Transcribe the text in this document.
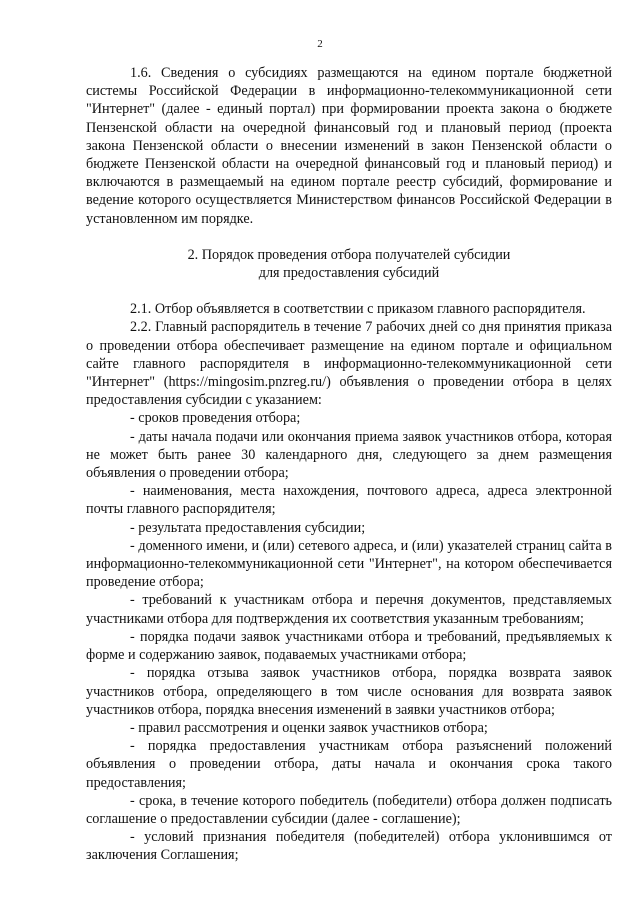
2

1.6. Сведения о субсидиях размещаются на едином портале бюджетной системы Российской Федерации в информационно-телекоммуникационной сети "Интернет" (далее - единый портал) при формировании проекта закона о бюджете Пензенской области на очередной финансовый год и плановый период (проекта закона Пензенской области о внесении изменений в закон Пензенской области о бюджете Пензенской области на очередной финансовый год и плановый период) и включаются в размещаемый на едином портале реестр субсидий, формирование и ведение которого осуществляется Министерством финансов Российской Федерации в установленном им порядке.

2. Порядок проведения отбора получателей субсидии
для предоставления субсидий

2.1. Отбор объявляется в соответствии с приказом главного распорядителя.

2.2. Главный распорядитель в течение 7 рабочих дней со дня принятия приказа о проведении отбора обеспечивает размещение на едином портале и официальном сайте главного распорядителя в информационно-телекоммуникационной сети "Интернет" (https://mingosim.pnzreg.ru/) объявления о проведении отбора в целях предоставления субсидии с указанием:

- сроков проведения отбора;

- даты начала подачи или окончания приема заявок участников отбора, которая не может быть ранее 30 календарного дня, следующего за днем размещения объявления о проведении отбора;

- наименования, места нахождения, почтового адреса, адреса электронной почты главного распорядителя;

- результата предоставления субсидии;

- доменного имени, и (или) сетевого адреса, и (или) указателей страниц сайта в информационно-телекоммуникационной сети "Интернет", на котором обеспечивается проведение отбора;

- требований к участникам отбора и перечня документов, представляемых участниками отбора для подтверждения их соответствия указанным требованиям;

- порядка подачи заявок участниками отбора и требований, предъявляемых к форме и содержанию заявок, подаваемых участниками отбора;

- порядка отзыва заявок участников отбора, порядка возврата заявок участников отбора, определяющего в том числе основания для возврата заявок участников отбора, порядка внесения изменений в заявки участников отбора;

- правил рассмотрения и оценки заявок участников отбора;

- порядка предоставления участникам отбора разъяснений положений объявления о проведении отбора, даты начала и окончания срока такого предоставления;

- срока, в течение которого победитель (победители) отбора должен подписать соглашение о предоставлении субсидии (далее - соглашение);

- условий признания победителя (победителей) отбора уклонившимся от заключения Соглашения;
